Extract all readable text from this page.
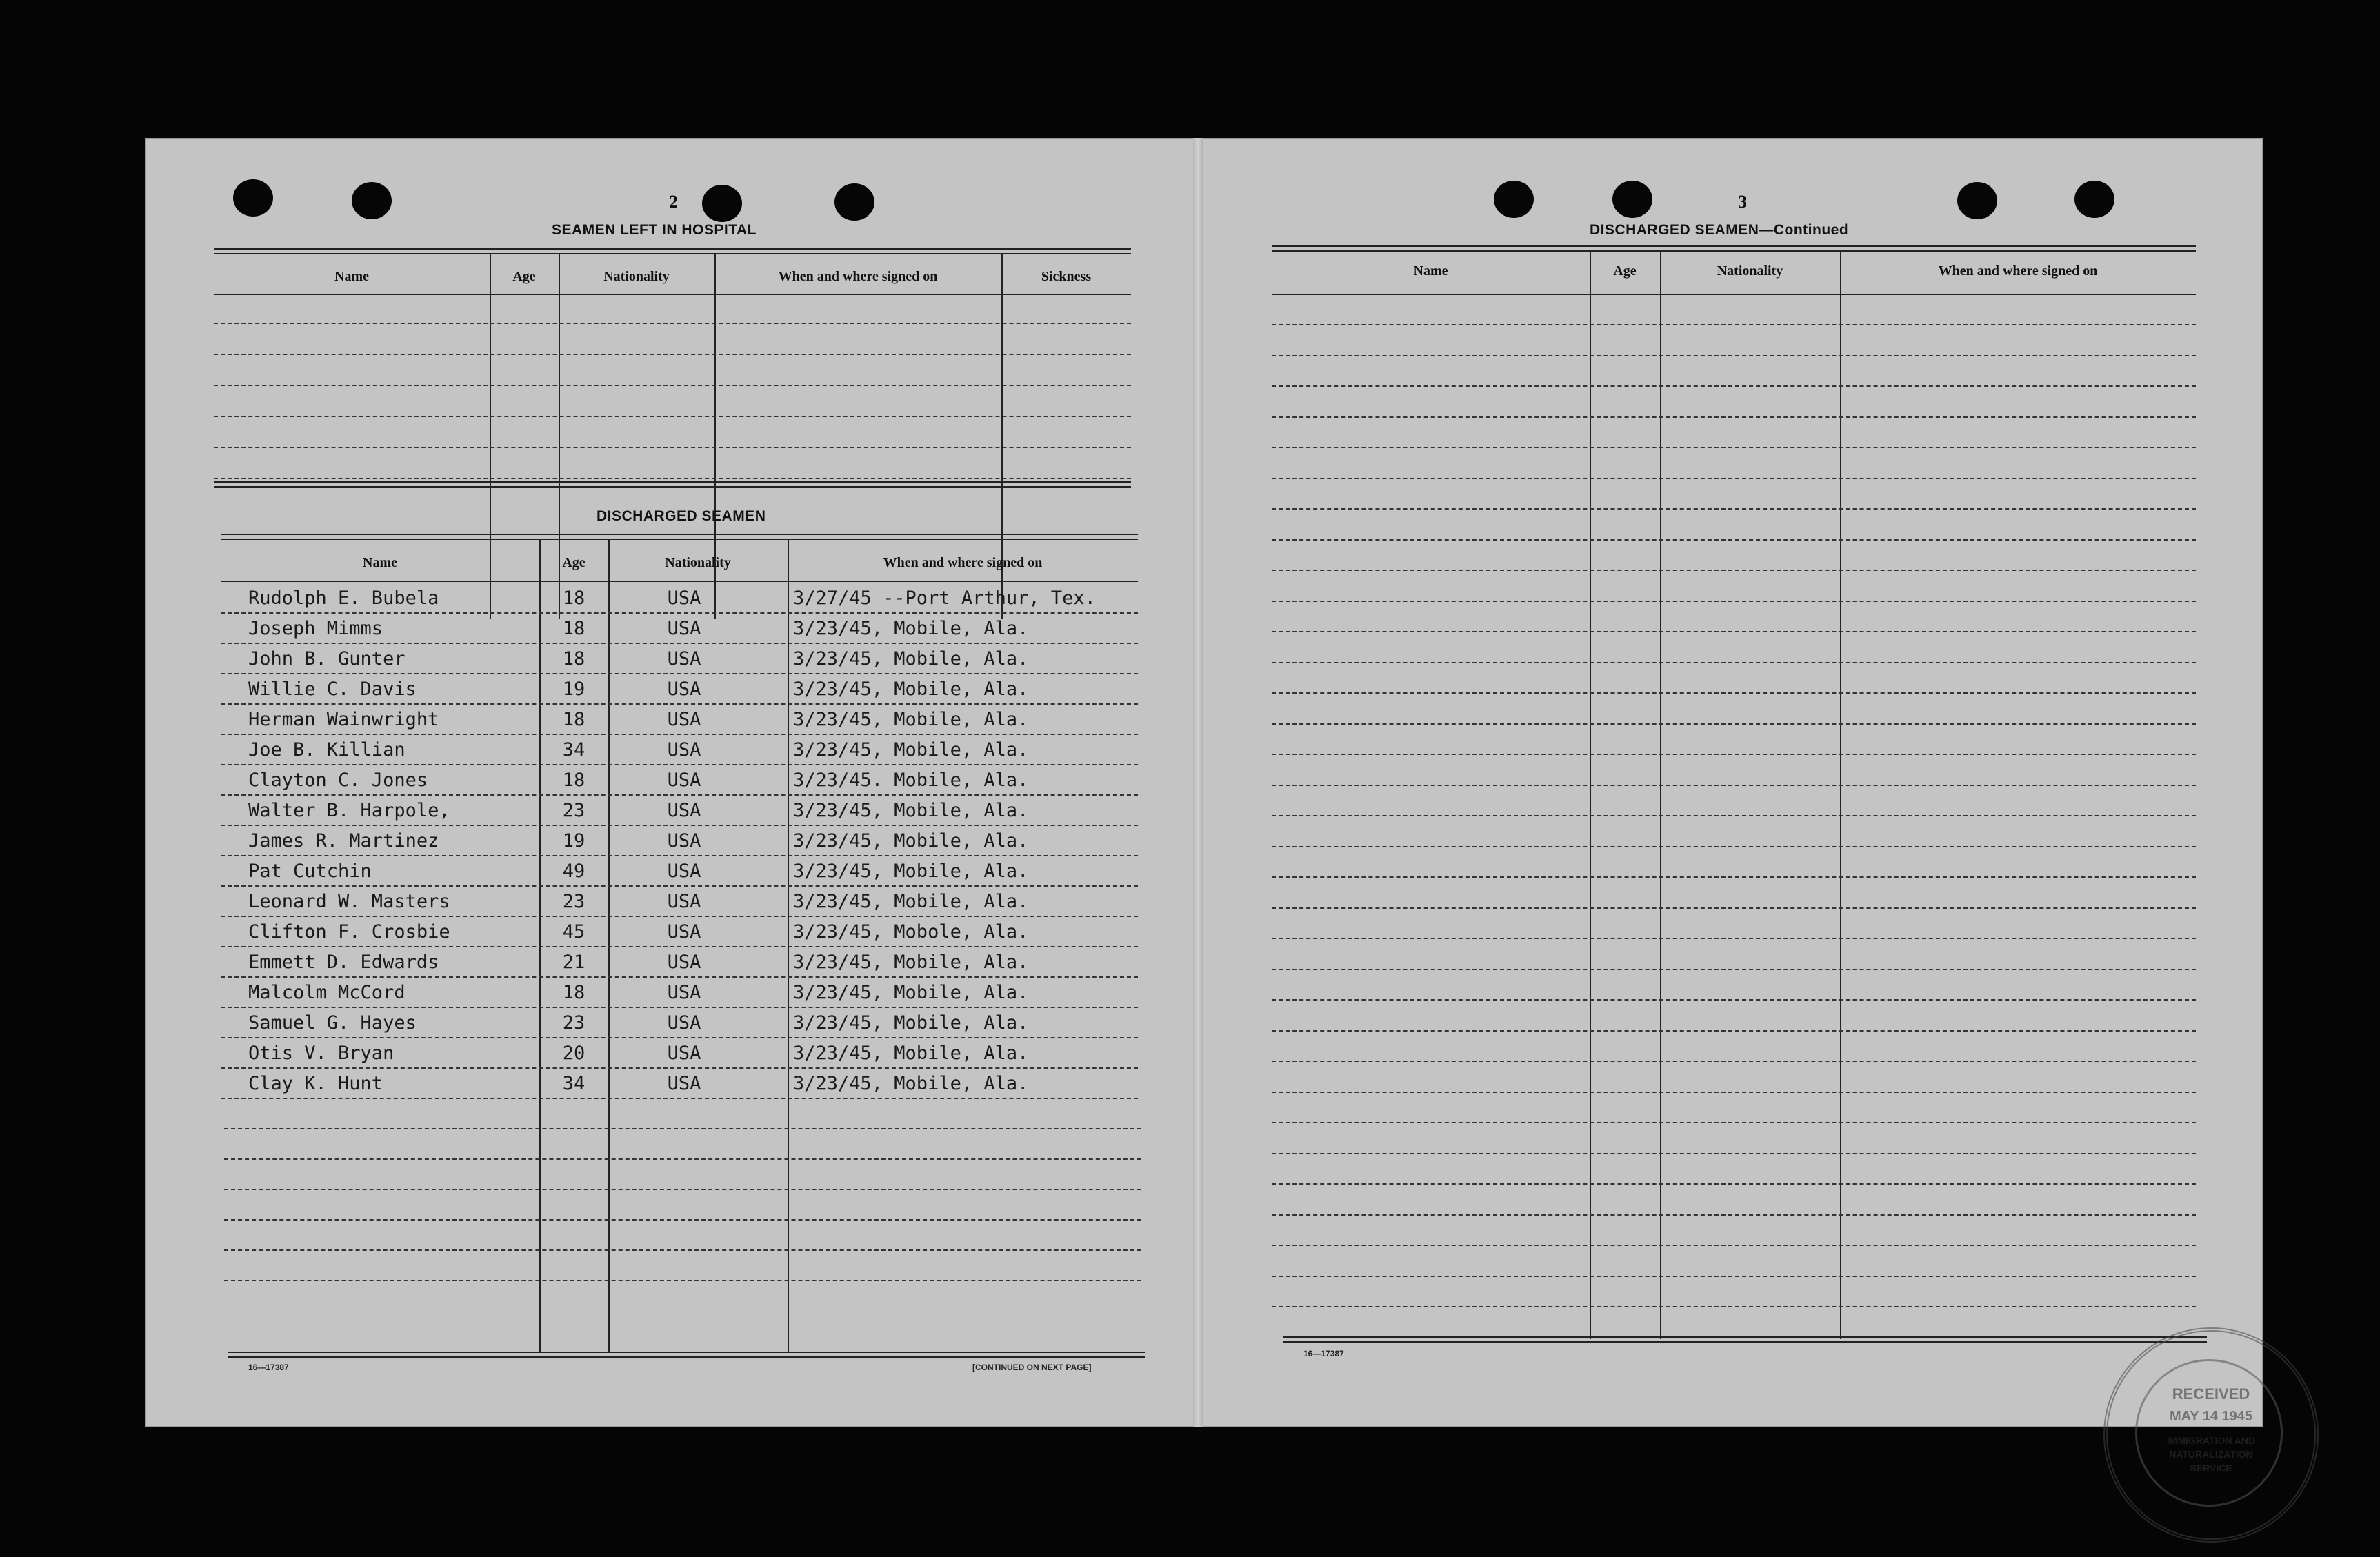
2
SEAMEN LEFT IN HOSPITAL
Name	Age	Nationality	When and where signed on	Sickness
DISCHARGED SEAMEN
Name	Age	Nationality	When and where signed on
Rudolph E. Bubela	18	USA	3/27/45 --Port Arthur, Tex.
Joseph Mimms	18	USA	3/23/45, Mobile, Ala.
John B. Gunter	18	USA	3/23/45, Mobile, Ala.
Willie C. Davis	19	USA	3/23/45, Mobile, Ala.
Herman Wainwright	18	USA	3/23/45, Mobile, Ala.
Joe B. Killian	34	USA	3/23/45, Mobile, Ala.
Clayton C. Jones	18	USA	3/23/45. Mobile, Ala.
Walter B. Harpole,	23	USA	3/23/45, Mobile, Ala.
James R. Martinez	19	USA	3/23/45, Mobile, Ala.
Pat Cutchin	49	USA	3/23/45, Mobile, Ala.
Leonard W. Masters	23	USA	3/23/45, Mobile, Ala.
Clifton F. Crosbie	45	USA	3/23/45, Mobole, Ala.
Emmett D. Edwards	21	USA	3/23/45, Mobile, Ala.
Malcolm McCord	18	USA	3/23/45, Mobile, Ala.
Samuel G. Hayes	23	USA	3/23/45, Mobile, Ala.
Otis V. Bryan	20	USA	3/23/45, Mobile, Ala.
Clay K. Hunt	34	USA	3/23/45, Mobile, Ala.
16—17387	[CONTINUED ON NEXT PAGE]
3
DISCHARGED SEAMEN—Continued
Name	Age	Nationality	When and where signed on
16—17387
RECEIVED
MAY 14 1945
IMMIGRATION AND
NATURALIZATION
SERVICE
